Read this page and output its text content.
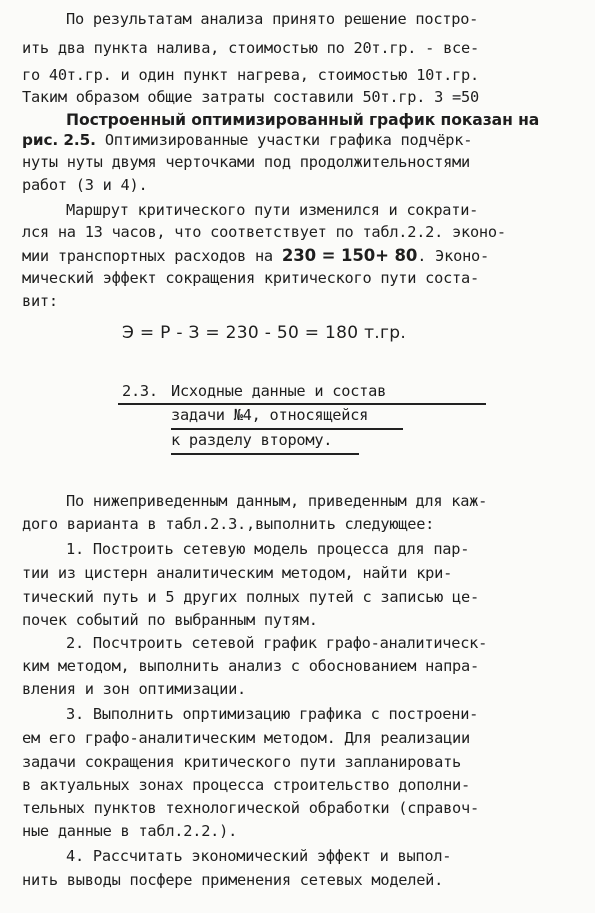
По результатам анализа принято решение постро-
ить два пункта налива, стоимостью по 20т.гр. - все-
го 40т.гр. и один пункт нагрева, стоимостью 10т.гр.
Таким образом общие затраты составили 50т.гр. 3 =50
Построенный оптимизированный график показан на
рис. 2.5. Оптимизированные участки графика подчёрк-
нуты нуты двумя черточками под продолжительностями
работ (3 и 4).
Маршрут критического пути изменился и сократи-
лся на 13 часов, что соответствует по табл.2.2. эконо-
мии транспортных расходов на 230 = 150+ 80. Эконо-
мический эффект сокращения критического пути соста-
вит:
Э = Р - З = 230 - 50 = 180 т.гр.
2.3. Исходные данные и состав
задачи №4, относящейся
к разделу второму.
По нижеприведенным данным, приведенным для каж-
дого варианта в табл.2.3.,выполнить следующее:
1. Построить сетевую модель процесса для пар-
тии из цистерн аналитическим методом, найти кри-
тический путь и 5 других полных путей с записью це-
почек событий по выбранным путям.
2. Посчтроить сетевой график графо-аналитическ-
ким методом, выполнить анализ с обоснованием напра-
вления и зон оптимизации.
3. Выполнить опртимизацию графика с построени-
ем его графо-аналитическим методом. Для реализации
задачи сокращения критического пути запланировать
в актуальных зонах процесса строительство дополни-
тельных пунктов технологической обработки (справоч-
ные данные в табл.2.2.).
4. Рассчитать экономический эффект и выпол-
нить выводы посфере применения сетевых моделей.
